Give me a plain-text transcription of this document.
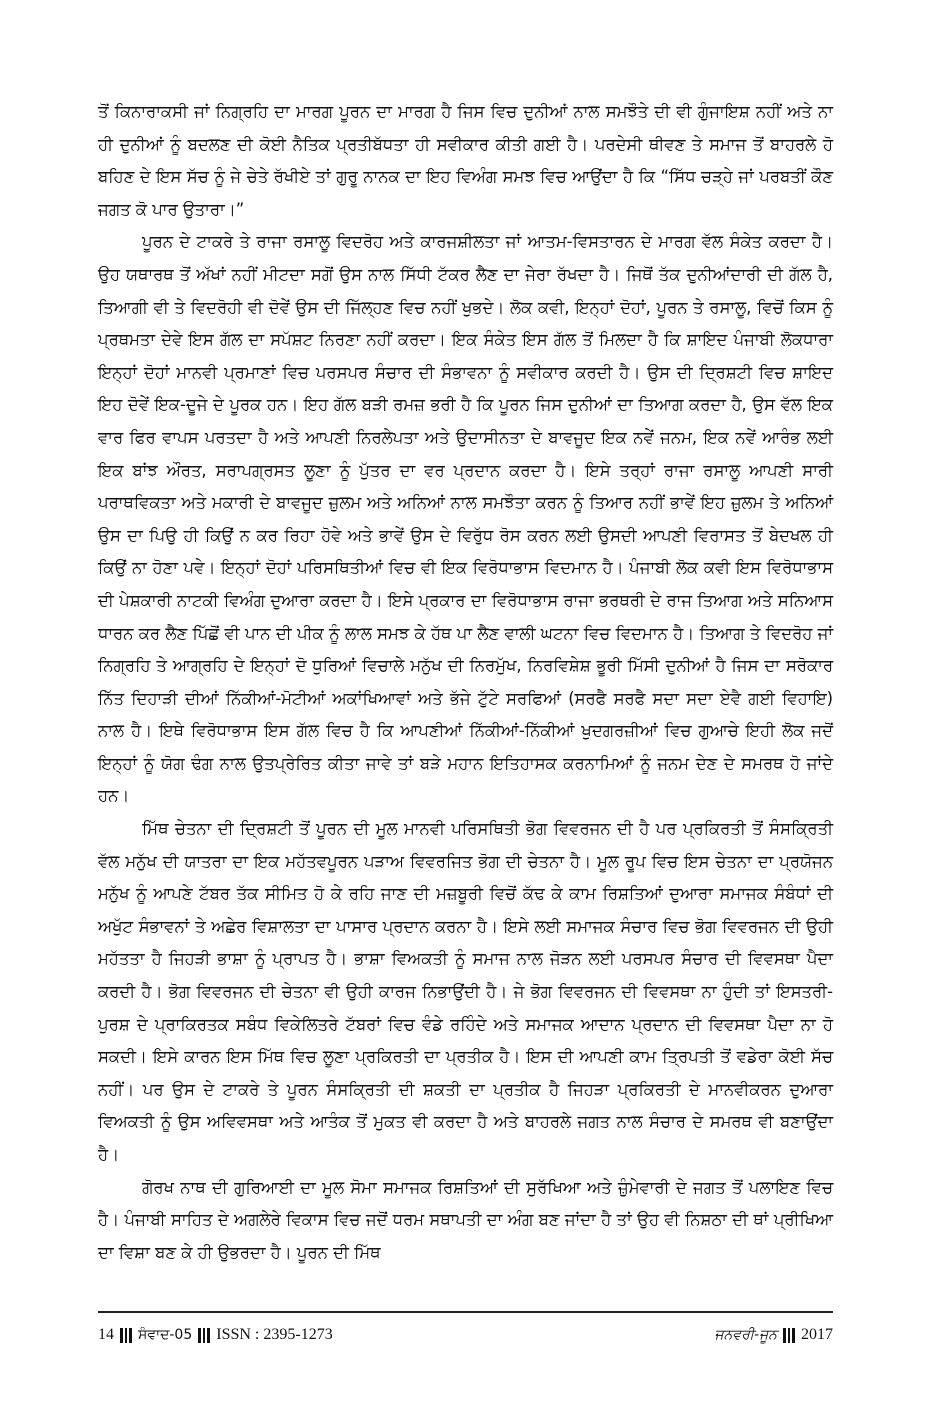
ਤੋਂ ਕਿਨਾਰਾਕਸੀ ਜਾਂ ਨਿਗ੍ਰਹਿ ਦਾ ਮਾਰਗ ਪੂਰਨ ਦਾ ਮਾਰਗ ਹੈ ਜਿਸ ਵਿਚ ਦੁਨੀਆਂ ਨਾਲ ਸਮਝੌਤੇ ਦੀ ਵੀ ਗੁੰਜਾਇਸ਼ ਨਹੀਂ ਅਤੇ ਨਾ ਹੀ ਦੁਨੀਆਂ ਨੂੰ ਬਦਲਣ ਦੀ ਕੋਈ ਨੈਤਿਕ ਪ੍ਰਤੀਬੱਧਤਾ ਹੀ ਸਵੀਕਾਰ ਕੀਤੀ ਗਈ ਹੈ। ਪਰਦੇਸੀ ਥੀਵਣ ਤੇ ਸਮਾਜ ਤੋਂ ਬਾਹਰਲੇ ਹੋ ਬਹਿਣ ਦੇ ਇਸ ਸੱਚ ਨੂੰ ਜੇ ਚੇਤੇ ਰੱਖੀਏ ਤਾਂ ਗੁਰੂ ਨਾਨਕ ਦਾ ਇਹ ਵਿਅੰਗ ਸਮਝ ਵਿਚ ਆਉਂਦਾ ਹੈ ਕਿ “ਸਿੱਧ ਚੜ੍ਹੇ ਜਾਂ ਪਰਬਤੀਂ ਕੌਣ ਜਗਤ ਕੋ ਪਾਰ ਉਤਾਰਾ।”

ਪੂਰਨ ਦੇ ਟਾਕਰੇ ਤੇ ਰਾਜਾ ਰਸਾਲੂ ਵਿਦਰੋਹ ਅਤੇ ਕਾਰਜਸ਼ੀਲਤਾ ਜਾਂ ਆਤਮ-ਵਿਸਤਾਰਨ ਦੇ ਮਾਰਗ ਵੱਲ ਸੰਕੇਤ ਕਰਦਾ ਹੈ। ਉਹ ਯਥਾਰਥ ਤੋਂ ਅੱਖਾਂ ਨਹੀਂ ਮੀਟਦਾ ਸਗੋਂ ਉਸ ਨਾਲ ਸਿੱਧੀ ਟੱਕਰ ਲੈਣ ਦਾ ਜੇਰਾ ਰੱਖਦਾ ਹੈ। ਜਿਥੋਂ ਤੱਕ ਦੁਨੀਆਂਦਾਰੀ ਦੀ ਗੱਲ ਹੈ, ਤਿਆਗੀ ਵੀ ਤੇ ਵਿਦਰੋਹੀ ਵੀ ਦੋਵੇਂ ਉਸ ਦੀ ਜਿੱਲ੍ਹਣ ਵਿਚ ਨਹੀਂ ਖੁਭਦੇ। ਲੋਕ ਕਵੀ, ਇਨ੍ਹਾਂ ਦੋਹਾਂ, ਪੂਰਨ ਤੇ ਰਸਾਲੂ, ਵਿਚੋਂ ਕਿਸ ਨੂੰ ਪ੍ਰਥਮਤਾ ਦੇਵੇ ਇਸ ਗੱਲ ਦਾ ਸਪੱਸ਼ਟ ਨਿਰਣਾ ਨਹੀਂ ਕਰਦਾ। ਇਕ ਸੰਕੇਤ ਇਸ ਗੱਲ ਤੋਂ ਮਿਲਦਾ ਹੈ ਕਿ ਸ਼ਾਇਦ ਪੰਜਾਬੀ ਲੋਕਧਾਰਾ ਇਨ੍ਹਾਂ ਦੋਹਾਂ ਮਾਨਵੀ ਪ੍ਰਮਾਣਾਂ ਵਿਚ ਪਰਸਪਰ ਸੰਚਾਰ ਦੀ ਸੰਭਾਵਨਾ ਨੂੰ ਸਵੀਕਾਰ ਕਰਦੀ ਹੈ। ਉਸ ਦੀ ਦ੍ਰਿਸ਼ਟੀ ਵਿਚ ਸ਼ਾਇਦ ਇਹ ਦੋਵੇਂ ਇਕ-ਦੂਜੇ ਦੇ ਪੂਰਕ ਹਨ। ਇਹ ਗੱਲ ਬੜੀ ਰਮਜ਼ ਭਰੀ ਹੈ ਕਿ ਪੂਰਨ ਜਿਸ ਦੁਨੀਆਂ ਦਾ ਤਿਆਗ ਕਰਦਾ ਹੈ, ਉਸ ਵੱਲ ਇਕ ਵਾਰ ਫਿਰ ਵਾਪਸ ਪਰਤਦਾ ਹੈ ਅਤੇ ਆਪਣੀ ਨਿਰਲੇਪਤਾ ਅਤੇ ਉਦਾਸੀਨਤਾ ਦੇ ਬਾਵਜੂਦ ਇਕ ਨਵੇਂ ਜਨਮ, ਇਕ ਨਵੇਂ ਆਰੰਭ ਲਈ ਇਕ ਬਾਂਝ ਔਰਤ, ਸਰਾਪਗ੍ਰਸਤ ਲੂਣਾ ਨੂੰ ਪੁੱਤਰ ਦਾ ਵਰ ਪ੍ਰਦਾਨ ਕਰਦਾ ਹੈ। ਇਸੇ ਤਰ੍ਹਾਂ ਰਾਜਾ ਰਸਾਲੂ ਆਪਣੀ ਸਾਰੀ ਪਰਾਥਵਿਕਤਾ ਅਤੇ ਮਕਾਰੀ ਦੇ ਬਾਵਜੂਦ ਜ਼ੁਲਮ ਅਤੇ ਅਨਿਆਂ ਨਾਲ ਸਮਝੌਤਾ ਕਰਨ ਨੂੰ ਤਿਆਰ ਨਹੀਂ ਭਾਵੇਂ ਇਹ ਜ਼ੁਲਮ ਤੇ ਅਨਿਆਂ ਉਸ ਦਾ ਪਿਉ ਹੀ ਕਿਉਂ ਨ ਕਰ ਰਿਹਾ ਹੋਵੇ ਅਤੇ ਭਾਵੇਂ ਉਸ ਦੇ ਵਿਰੁੱਧ ਰੋਸ ਕਰਨ ਲਈ ਉਸਦੀ ਆਪਣੀ ਵਿਰਾਸਤ ਤੋਂ ਬੇਦਖਲ ਹੀ ਕਿਉਂ ਨਾ ਹੋਣਾ ਪਵੇ। ਇਨ੍ਹਾਂ ਦੋਹਾਂ ਪਰਿਸਥਿਤੀਆਂ ਵਿਚ ਵੀ ਇਕ ਵਿਰੋਧਾਭਾਸ ਵਿਦਮਾਨ ਹੈ। ਪੰਜਾਬੀ ਲੋਕ ਕਵੀ ਇਸ ਵਿਰੋਧਾਭਾਸ ਦੀ ਪੇਸ਼ਕਾਰੀ ਨਾਟਕੀ ਵਿਅੰਗ ਦੁਆਰਾ ਕਰਦਾ ਹੈ। ਇਸੇ ਪ੍ਰਕਾਰ ਦਾ ਵਿਰੋਧਾਭਾਸ ਰਾਜਾ ਭਰਥਰੀ ਦੇ ਰਾਜ ਤਿਆਗ ਅਤੇ ਸਨਿਆਸ ਧਾਰਨ ਕਰ ਲੈਣ ਪਿੱਛੋਂ ਵੀ ਪਾਨ ਦੀ ਪੀਕ ਨੂੰ ਲਾਲ ਸਮਝ ਕੇ ਹੱਥ ਪਾ ਲੈਣ ਵਾਲੀ ਘਟਨਾ ਵਿਚ ਵਿਦਮਾਨ ਹੈ। ਤਿਆਗ ਤੇ ਵਿਦਰੋਹ ਜਾਂ ਨਿਗ੍ਰਹਿ ਤੇ ਆਗ੍ਰਹਿ ਦੇ ਇਨ੍ਹਾਂ ਦੋ ਧੁਰਿਆਂ ਵਿਚਾਲੇ ਮਨੁੱਖ ਦੀ ਨਿਰਮੁੱਖ, ਨਿਰਵਿਸ਼ੇਸ਼ ਭੂਰੀ ਮਿੱਸੀ ਦੁਨੀਆਂ ਹੈ ਜਿਸ ਦਾ ਸਰੋਕਾਰ ਨਿੱਤ ਦਿਹਾੜੀ ਦੀਆਂ ਨਿੱਕੀਆਂ-ਮੋਟੀਆਂ ਅਕਾਂਖਿਆਵਾਂ ਅਤੇ ਭੱਜੇ ਟੁੱਟੇ ਸਰਫਿਆਂ (ਸਰਫੈ ਸਰਫੈ ਸਦਾ ਸਦਾ ਏਵੈ ਗਈ ਵਿਹਾਇ) ਨਾਲ ਹੈ। ਇਥੇ ਵਿਰੋਧਾਭਾਸ ਇਸ ਗੱਲ ਵਿਚ ਹੈ ਕਿ ਆਪਣੀਆਂ ਨਿੱਕੀਆਂ-ਨਿੱਕੀਆਂ ਖੁਦਗਰਜ਼ੀਆਂ ਵਿਚ ਗੁਆਚੇ ਇਹੀ ਲੋਕ ਜਦੋਂ ਇਨ੍ਹਾਂ ਨੂੰ ਯੋਗ ਢੰਗ ਨਾਲ ਉਤਪ੍ਰੇਰਿਤ ਕੀਤਾ ਜਾਵੇ ਤਾਂ ਬੜੇ ਮਹਾਨ ਇਤਿਹਾਸਕ ਕਰਨਾਮਿਆਂ ਨੂੰ ਜਨਮ ਦੇਣ ਦੇ ਸਮਰਥ ਹੋ ਜਾਂਦੇ ਹਨ।

ਮਿੱਥ ਚੇਤਨਾ ਦੀ ਦ੍ਰਿਸ਼ਟੀ ਤੋਂ ਪੂਰਨ ਦੀ ਮੂਲ ਮਾਨਵੀ ਪਰਿਸਥਿਤੀ ਭੋਗ ਵਿਵਰਜਨ ਦੀ ਹੈ ਪਰ ਪ੍ਰਕਿਰਤੀ ਤੋਂ ਸੰਸਕ੍ਰਿਤੀ ਵੱਲ ਮਨੁੱਖ ਦੀ ਯਾਤਰਾ ਦਾ ਇਕ ਮਹੱਤਵਪੂਰਨ ਪੜਾਅ ਵਿਵਰਜਿਤ ਭੋਗ ਦੀ ਚੇਤਨਾ ਹੈ। ਮੂਲ ਰੂਪ ਵਿਚ ਇਸ ਚੇਤਨਾ ਦਾ ਪ੍ਰਯੋਜਨ ਮਨੁੱਖ ਨੂੰ ਆਪਣੇ ਟੱਬਰ ਤੱਕ ਸੀਮਿਤ ਹੋ ਕੇ ਰਹਿ ਜਾਣ ਦੀ ਮਜ਼ਬੂਰੀ ਵਿਚੋਂ ਕੱਢ ਕੇ ਕਾਮ ਰਿਸ਼ਤਿਆਂ ਦੁਆਰਾ ਸਮਾਜਕ ਸੰਬੰਧਾਂ ਦੀ ਅਖੁੱਟ ਸੰਭਾਵਨਾਂ ਤੇ ਅਛੇਰ ਵਿਸ਼ਾਲਤਾ ਦਾ ਪਾਸਾਰ ਪ੍ਰਦਾਨ ਕਰਨਾ ਹੈ। ਇਸੇ ਲਈ ਸਮਾਜਕ ਸੰਚਾਰ ਵਿਚ ਭੋਗ ਵਿਵਰਜਨ ਦੀ ਉਹੀ ਮਹੱਤਤਾ ਹੈ ਜਿਹੜੀ ਭਾਸ਼ਾ ਨੂੰ ਪ੍ਰਾਪਤ ਹੈ। ਭਾਸ਼ਾ ਵਿਅਕਤੀ ਨੂੰ ਸਮਾਜ ਨਾਲ ਜੋੜਨ ਲਈ ਪਰਸਪਰ ਸੰਚਾਰ ਦੀ ਵਿਵਸਥਾ ਪੈਦਾ ਕਰਦੀ ਹੈ। ਭੋਗ ਵਿਵਰਜਨ ਦੀ ਚੇਤਨਾ ਵੀ ਉਹੀ ਕਾਰਜ ਨਿਭਾਉਂਦੀ ਹੈ। ਜੇ ਭੋਗ ਵਿਵਰਜਨ ਦੀ ਵਿਵਸਥਾ ਨਾ ਹੁੰਦੀ ਤਾਂ ਇਸਤਰੀ-ਪੁਰਸ਼ ਦੇ ਪ੍ਰਾਕਿਰਤਕ ਸਬੰਧ ਵਿਕੇਲਿਤਰੇ ਟੱਬਰਾਂ ਵਿਚ ਵੰਡੇ ਰਹਿੰਦੇ ਅਤੇ ਸਮਾਜਕ ਆਦਾਨ ਪ੍ਰਦਾਨ ਦੀ ਵਿਵਸਥਾ ਪੈਦਾ ਨਾ ਹੋ ਸਕਦੀ। ਇਸੇ ਕਾਰਨ ਇਸ ਮਿੱਥ ਵਿਚ ਲੂਣਾ ਪ੍ਰਕਿਰਤੀ ਦਾ ਪ੍ਰਤੀਕ ਹੈ। ਇਸ ਦੀ ਆਪਣੀ ਕਾਮ ਤ੍ਰਿਪਤੀ ਤੋਂ ਵਡੇਰਾ ਕੋਈ ਸੱਚ ਨਹੀਂ। ਪਰ ਉਸ ਦੇ ਟਾਕਰੇ ਤੇ ਪੂਰਨ ਸੰਸਕ੍ਰਿਤੀ ਦੀ ਸ਼ਕਤੀ ਦਾ ਪ੍ਰਤੀਕ ਹੈ ਜਿਹੜਾ ਪ੍ਰਕਿਰਤੀ ਦੇ ਮਾਨਵੀਕਰਨ ਦੁਆਰਾ ਵਿਅਕਤੀ ਨੂੰ ਉਸ ਅਵਿਵਸਥਾ ਅਤੇ ਆਤੰਕ ਤੋਂ ਮੁਕਤ ਵੀ ਕਰਦਾ ਹੈ ਅਤੇ ਬਾਹਰਲੇ ਜਗਤ ਨਾਲ ਸੰਚਾਰ ਦੇ ਸਮਰਥ ਵੀ ਬਣਾਉਂਦਾ ਹੈ।

ਗੋਰਖ ਨਾਥ ਦੀ ਗੁਰਿਆਈ ਦਾ ਮੂਲ ਸੋਮਾ ਸਮਾਜਕ ਰਿਸ਼ਤਿਆਂ ਦੀ ਸੁਰੱਖਿਆ ਅਤੇ ਜ਼ੁੰਮੇਵਾਰੀ ਦੇ ਜਗਤ ਤੋਂ ਪਲਾਇਣ ਵਿਚ ਹੈ। ਪੰਜਾਬੀ ਸਾਹਿਤ ਦੇ ਅਗਲੇਰੇ ਵਿਕਾਸ ਵਿਚ ਜਦੋਂ ਧਰਮ ਸਥਾਪਤੀ ਦਾ ਅੰਗ ਬਣ ਜਾਂਦਾ ਹੈ ਤਾਂ ਉਹ ਵੀ ਨਿਸ਼ਠਾ ਦੀ ਥਾਂ ਪ੍ਰੀਖਿਆ ਦਾ ਵਿਸ਼ਾ ਬਣ ਕੇ ਹੀ ਉਭਰਦਾ ਹੈ। ਪੂਰਨ ਦੀ ਮਿੱਥ

14 ਸੰਵਾਦ-05 ISSN : 2395-1273	ਜਨਵਰੀ-ਜੂਨ 2017
